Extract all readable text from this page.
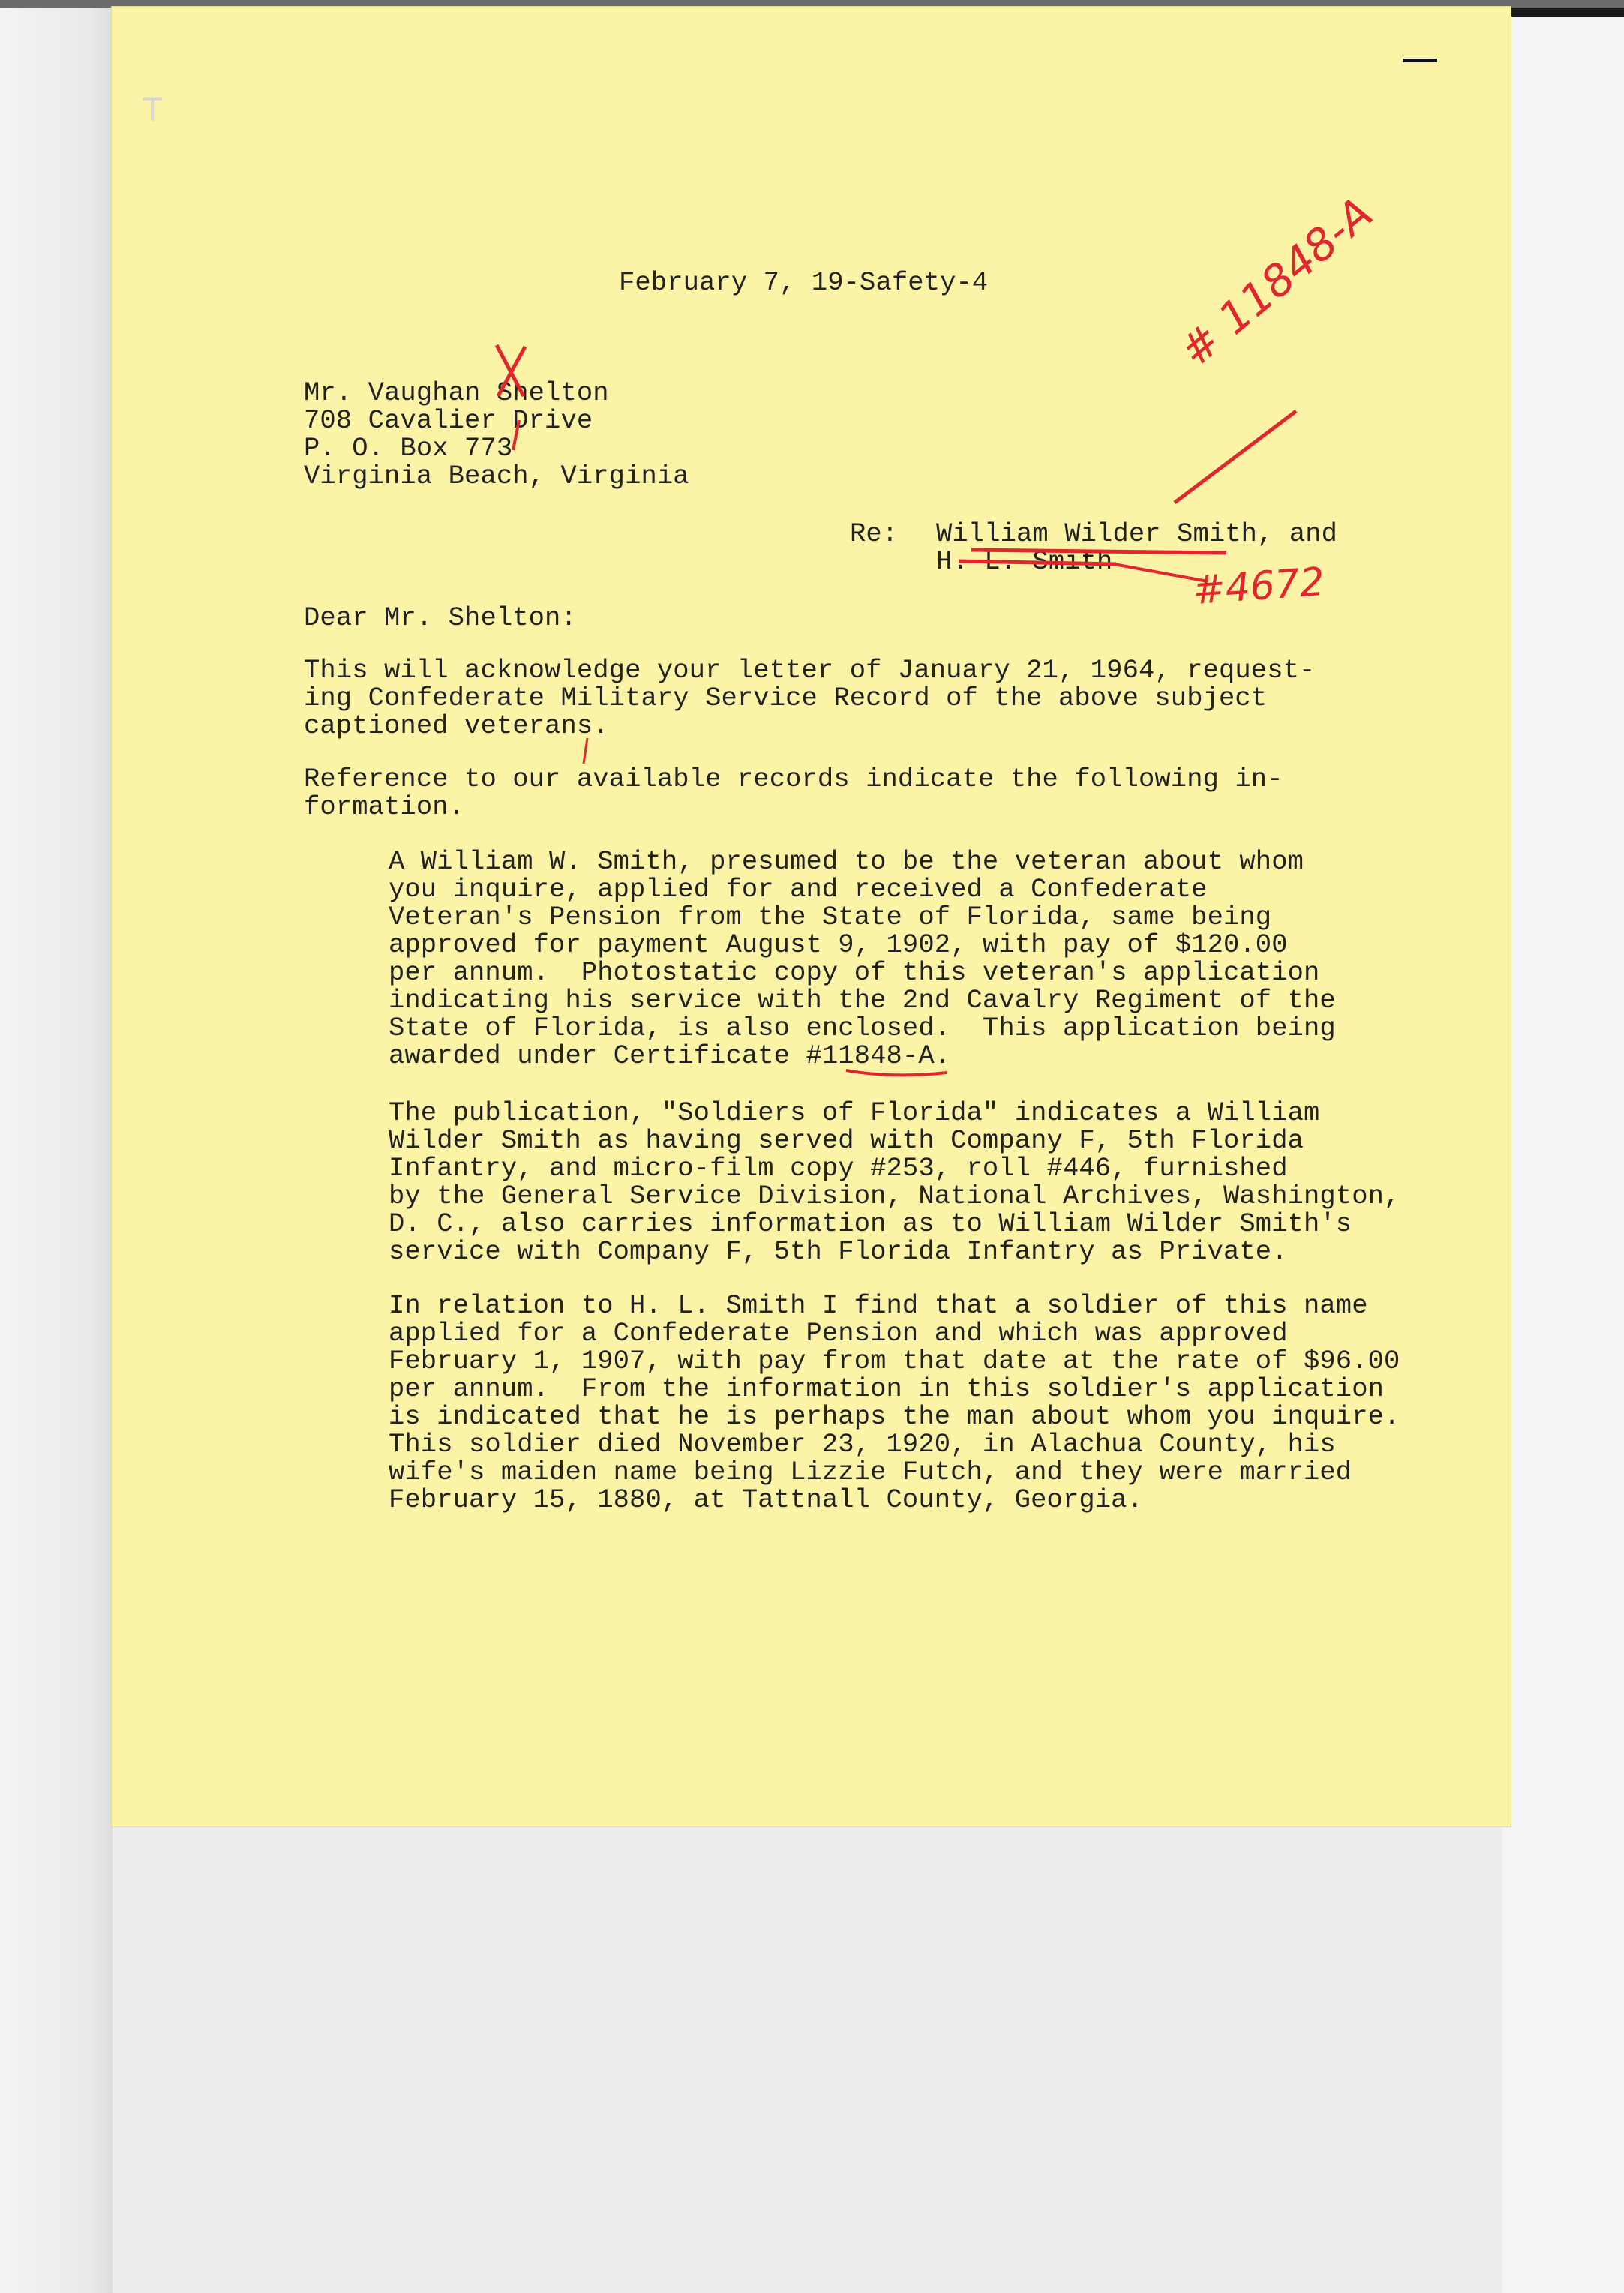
⊤
February 7, 19-Safety-4
Mr. Vaughan Shelton
708 Cavalier Drive
P. O. Box 773
Virginia Beach, Virginia
Re: William Wilder Smith, and
H. L. Smith
Dear Mr. Shelton:
This will acknowledge your letter of January 21, 1964, request-
ing Confederate Military Service Record of the above subject
captioned veterans.
Reference to our available records indicate the following in-
formation.
A William W. Smith, presumed to be the veteran about whom
you inquire, applied for and received a Confederate
Veteran's Pension from the State of Florida, same being
approved for payment August 9, 1902, with pay of $120.00
per annum.  Photostatic copy of this veteran's application
indicating his service with the 2nd Cavalry Regiment of the
State of Florida, is also enclosed.  This application being
awarded under Certificate #11848-A.
The publication, "Soldiers of Florida" indicates a William
Wilder Smith as having served with Company F, 5th Florida
Infantry, and micro-film copy #253, roll #446, furnished
by the General Service Division, National Archives, Washington,
D. C., also carries information as to William Wilder Smith's
service with Company F, 5th Florida Infantry as Private.
In relation to H. L. Smith I find that a soldier of this name
applied for a Confederate Pension and which was approved
February 1, 1907, with pay from that date at the rate of $96.00
per annum.  From the information in this soldier's application
is indicated that he is perhaps the man about whom you inquire.
This soldier died November 23, 1920, in Alachua County, his
wife's maiden name being Lizzie Futch, and they were married
February 15, 1880, at Tattnall County, Georgia.
# 11848-A
#4672
